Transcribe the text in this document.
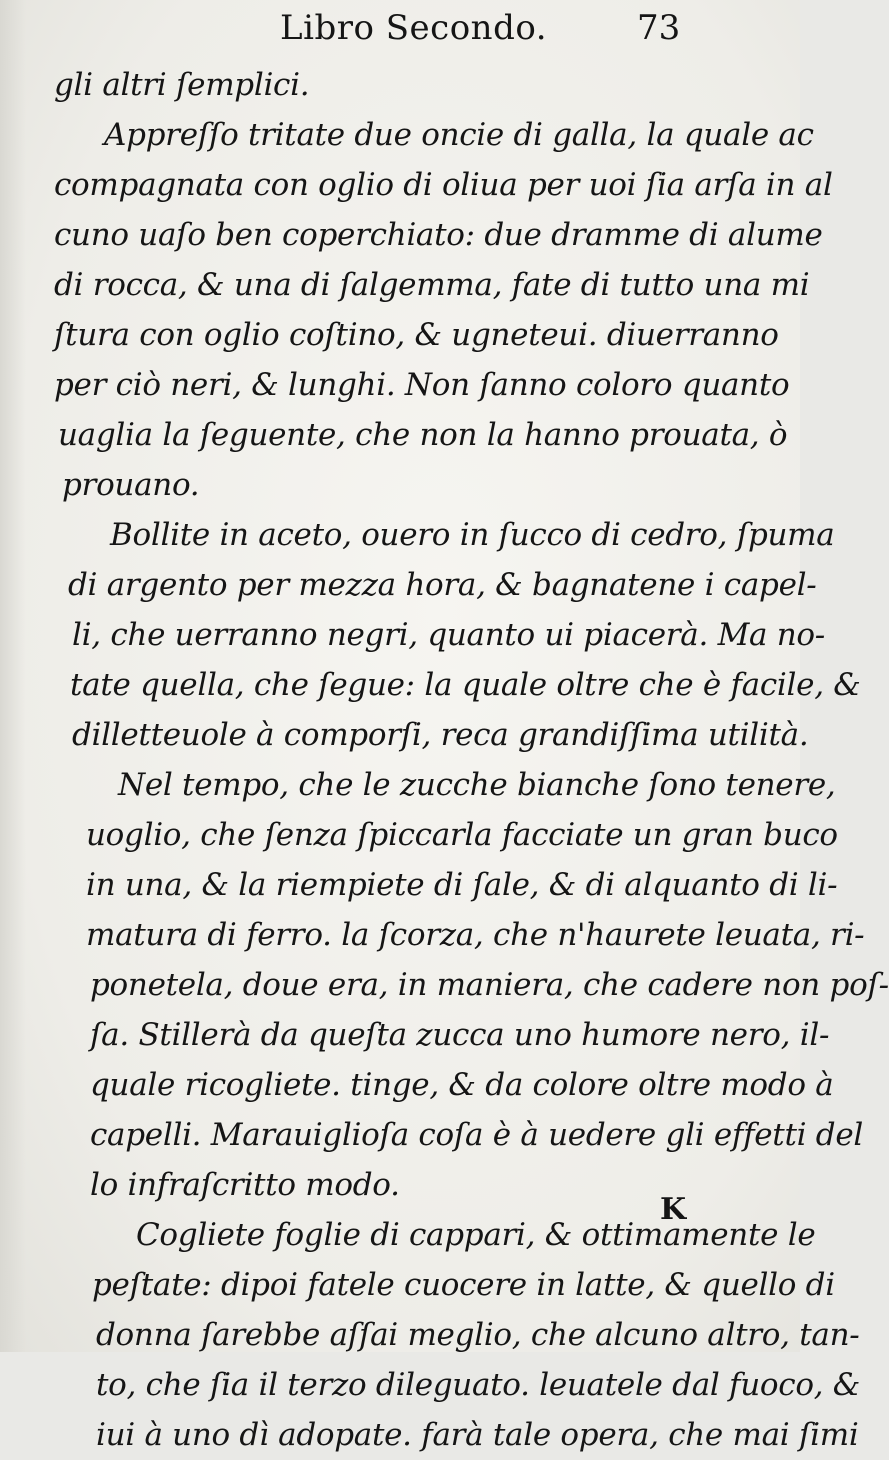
Libro Secondo.	73
gli altri ſemplici.
Appreſſo tritate due oncie di galla, la quale ac
compagnata con oglio di oliua per uoi ſia arſa in al
cuno uaſo ben coperchiato: due dramme di alume
di rocca, & una di ſalgemma, fate di tutto una mi
ſtura con oglio coſtino, & ugneteui. diuerranno
per ciò neri, & lunghi. Non ſanno coloro quanto
uaglia la ſeguente, che non la hanno prouata, ò
prouano.
Bollite in aceto, ouero in ſucco di cedro, ſpuma
di argento per mezza hora, & bagnatene i capel-
li, che uerranno negri, quanto ui piacerà. Ma no-
tate quella, che ſegue: la quale oltre che è facile, &
dilletteuole à comporſi, reca grandiſſima utilità.
Nel tempo, che le zucche bianche ſono tenere,
uoglio, che ſenza ſpiccarla facciate un gran buco
in una, & la riempiete di ſale, & di alquanto di li-
matura di ferro. la ſcorza, che n'haurete leuata, ri-
ponetela, doue era, in maniera, che cadere non poſ-
ſa. Stillerà da queſta zucca uno humore nero, il-
quale ricogliete. tinge, & da colore oltre modo à
capelli. Marauiglioſa coſa è à uedere gli effetti del
lo infraſcritto modo.
Cogliete foglie di cappari, & ottimamente le
peſtate: dipoi fatele cuocere in latte, & quello di
donna ſarebbe aſſai meglio, che alcuno altro, tan-
to, che ſia il terzo dileguato. leuatele dal fuoco, &
iui à uno dì adopate. farà tale opera, che mai ſimi
K
